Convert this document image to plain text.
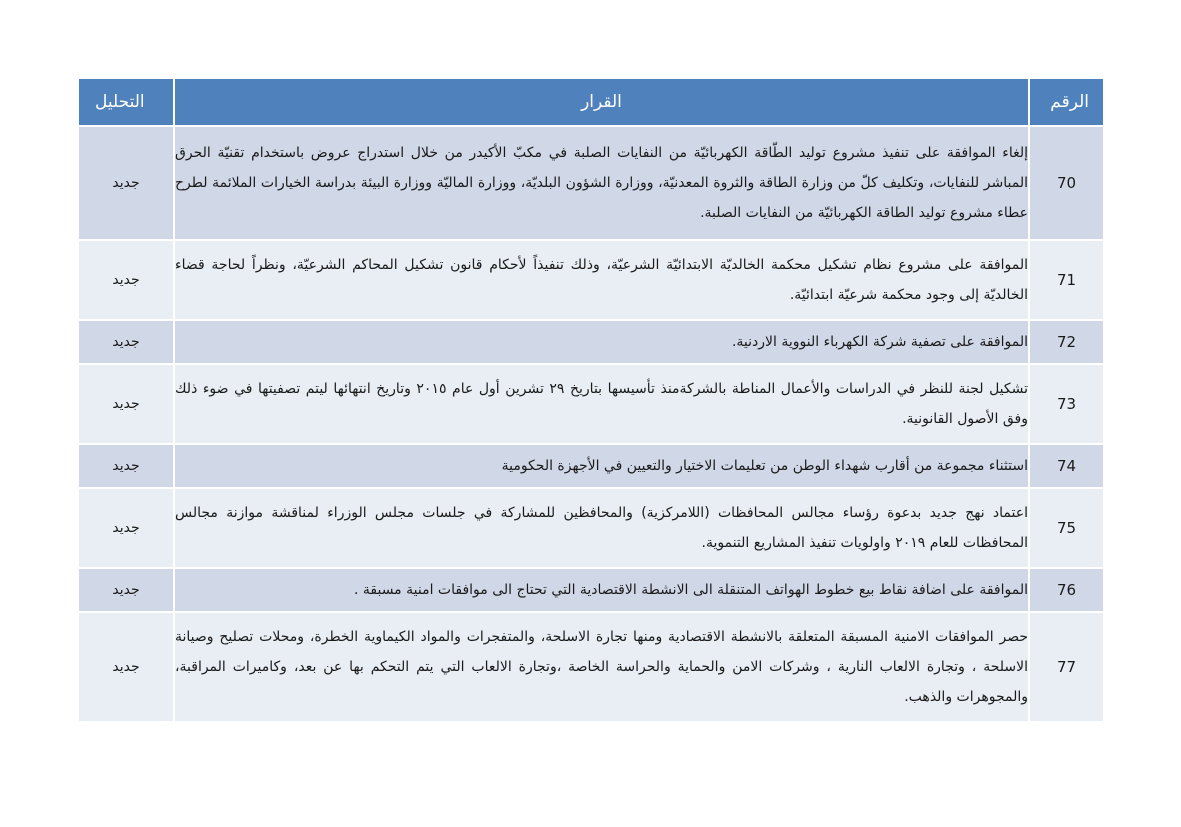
الرقم	القرار	التحليل
70	إلغاء الموافقة على تنفيذ مشروع توليد الطّاقة الكهربائيّة من النفايات الصلبة في مكبّ الأكيدر من خلال استدراج عروض باستخدام تقنيّة الحرق المباشر للنفايات، وتكليف كلّ من وزارة الطاقة والثروة المعدنيّة، ووزارة الشؤون البلديّة، ووزارة الماليّة ووزارة البيئة بدراسة الخيارات الملائمة لطرح عطاء مشروع توليد الطاقة الكهربائيّة من النفايات الصلبة.	جديد
71	الموافقة على مشروع نظام تشكيل محكمة الخالديّة الابتدائيّة الشرعيّة، وذلك تنفيذاً لأحكام قانون تشكيل المحاكم الشرعيّة، ونظراً لحاجة قضاء الخالديّة إلى وجود محكمة شرعيّة ابتدائيّة.	جديد
72	الموافقة على تصفية شركة الكهرباء النووية الاردنية.	جديد
73	تشكيل لجنة للنظر في الدراسات والأعمال المناطة بالشركةمنذ تأسيسها بتاريخ ٢٩ تشرين أول عام ٢٠١٥ وتاريخ انتهائها ليتم تصفيتها في ضوء ذلك وفق الأصول القانونية.	جديد
74	استثناء مجموعة من أقارب شهداء الوطن من تعليمات الاختيار والتعيين في الأجهزة الحكومية	جديد
75	اعتماد نهج جديد بدعوة رؤساء مجالس المحافظات (اللامركزية) والمحافظين للمشاركة في جلسات مجلس الوزراء لمناقشة موازنة مجالس المحافظات للعام ٢٠١٩ واولويات تنفيذ المشاريع التنموية.	جديد
76	الموافقة على اضافة نقاط بيع خطوط الهواتف المتنقلة الى الانشطة الاقتصادية التي تحتاج الى موافقات امنية مسبقة .	جديد
77	حصر الموافقات الامنية المسبقة المتعلقة بالانشطة الاقتصادية ومنها تجارة الاسلحة، والمتفجرات والمواد الكيماوية الخطرة، ومحلات تصليح وصيانة الاسلحة ، وتجارة الالعاب النارية ، وشركات الامن والحماية والحراسة الخاصة ،وتجارة الالعاب التي يتم التحكم بها عن بعد، وكاميرات المراقبة، والمجوهرات والذهب.	جديد
